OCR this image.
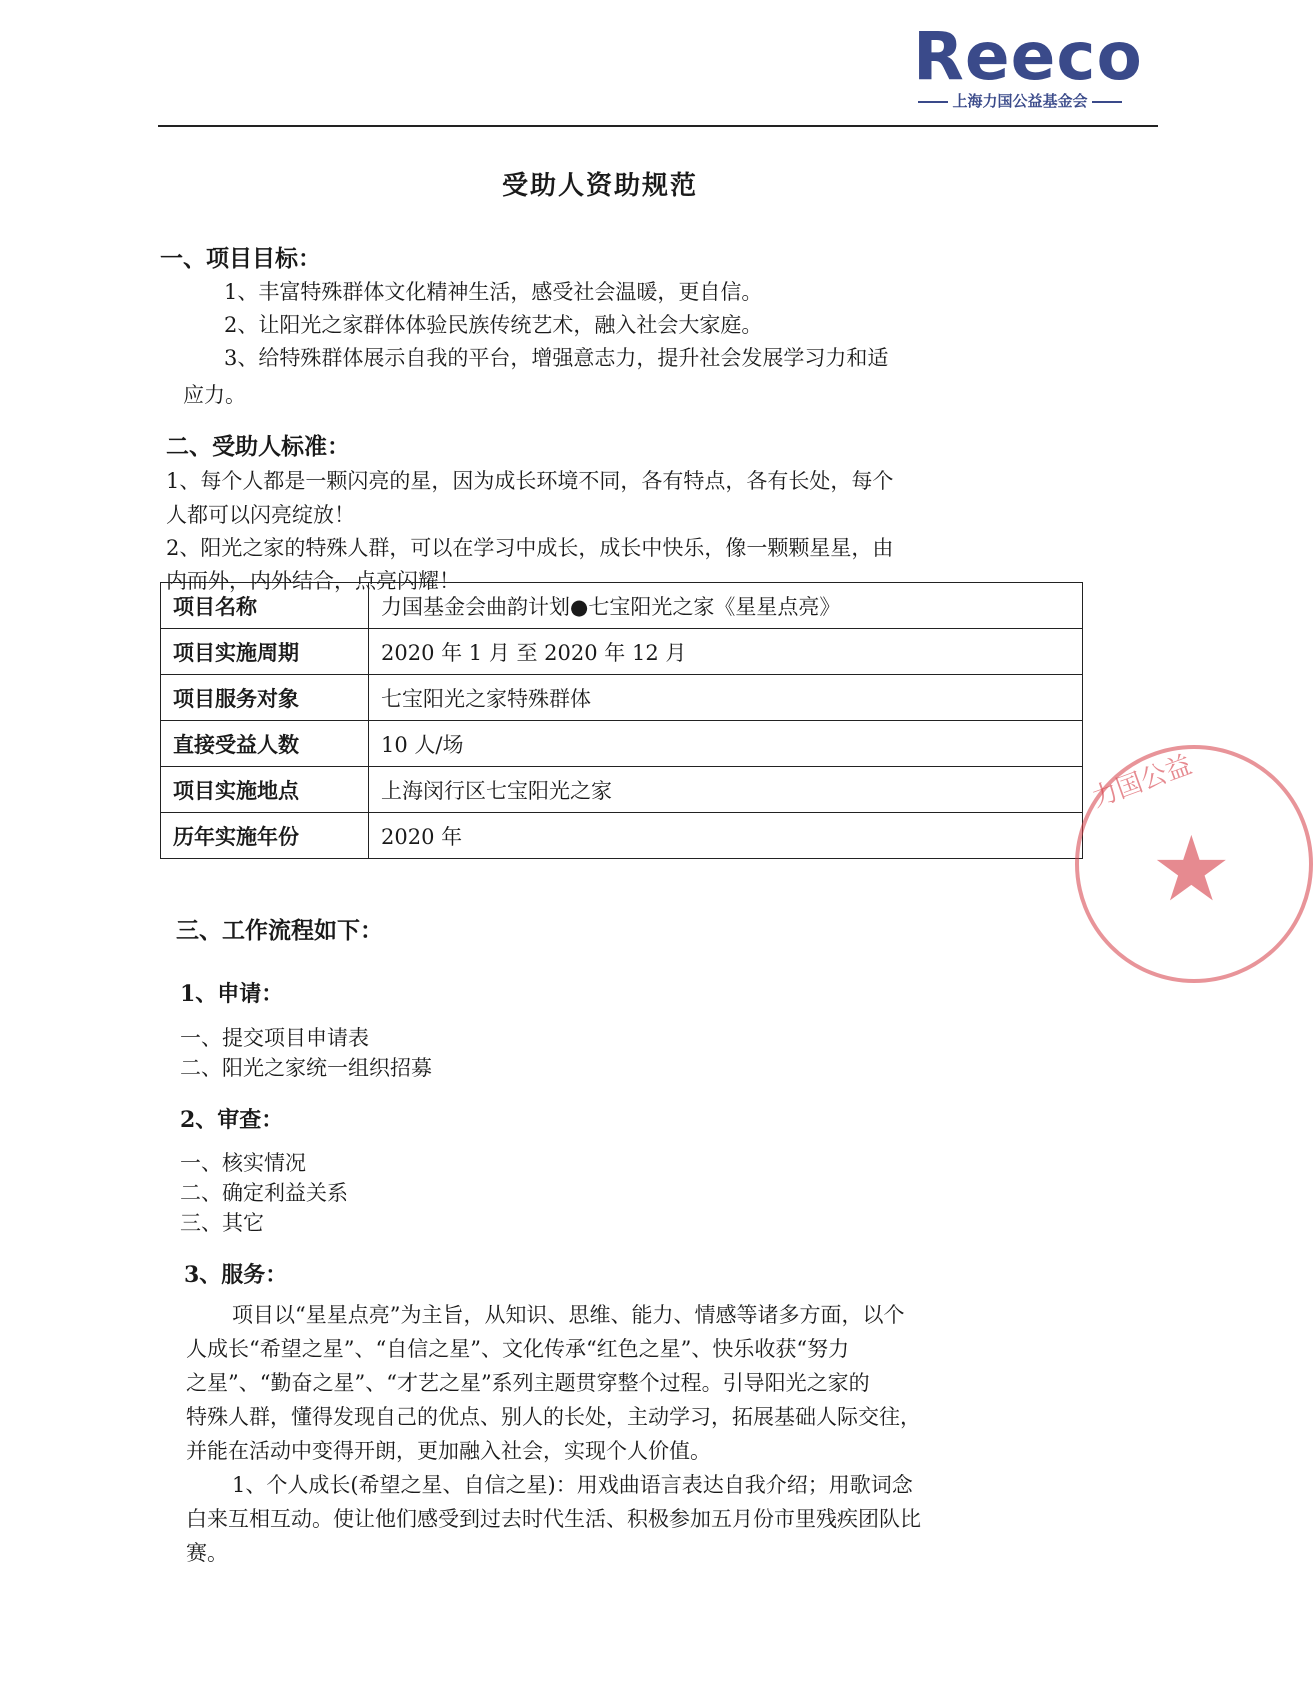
Reeco
上海力国公益基金会
受助人资助规范
一、项目目标：
1、丰富特殊群体文化精神生活，感受社会温暖，更自信。
2、让阳光之家群体体验民族传统艺术，融入社会大家庭。
3、给特殊群体展示自我的平台，增强意志力，提升社会发展学习力和适
应力。
二、受助人标准：
1、每个人都是一颗闪亮的星，因为成长环境不同，各有特点，各有长处，每个
人都可以闪亮绽放！
2、阳光之家的特殊人群，可以在学习中成长，成长中快乐，像一颗颗星星，由
内而外，内外结合，点亮闪耀！
项目名称	力国基金会曲韵计划●七宝阳光之家《星星点亮》
项目实施周期	2020 年 1 月 至 2020 年 12 月
项目服务对象	七宝阳光之家特殊群体
直接受益人数	10 人/场
项目实施地点	上海闵行区七宝阳光之家
历年实施年份	2020 年
力国公益
★
三、工作流程如下：
1、申请：
一、提交项目申请表
二、阳光之家统一组织招募
2、审查：
一、核实情况
二、确定利益关系
三、其它
3、服务：
项目以“星星点亮”为主旨，从知识、思维、能力、情感等诸多方面，以个
人成长“希望之星”、“自信之星”、文化传承“红色之星”、快乐收获“努力
之星”、“勤奋之星”、“才艺之星”系列主题贯穿整个过程。引导阳光之家的
特殊人群，懂得发现自己的优点、别人的长处，主动学习，拓展基础人际交往，
并能在活动中变得开朗，更加融入社会，实现个人价值。
1、个人成长(希望之星、自信之星)：用戏曲语言表达自我介绍；用歌词念
白来互相互动。使让他们感受到过去时代生活、积极参加五月份市里残疾团队比
赛。
